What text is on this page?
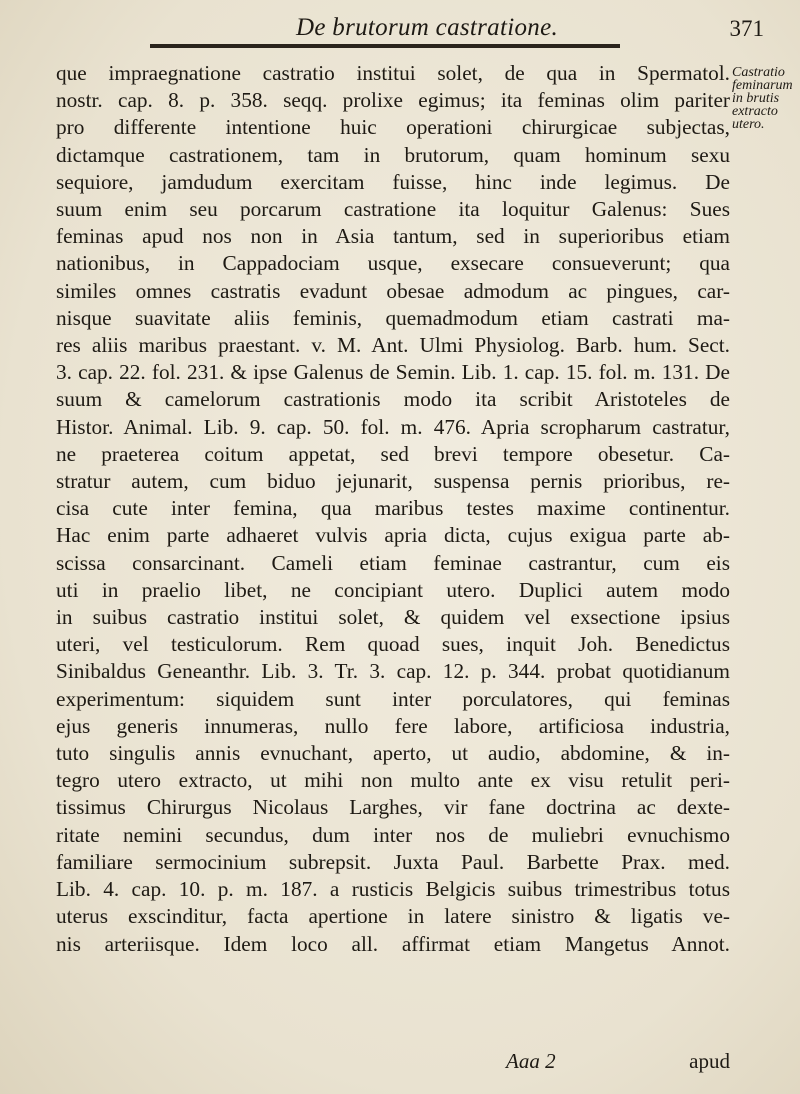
De brutorum castratione.	371
que impraegnatione castratio institui solet, de qua in Spermatol.
nostr. cap. 8. p. 358. seqq. prolixe egimus; ita feminas olim pariter
pro differente intentione huic operationi chirurgicae subjectas,
dictamque castrationem, tam in brutorum, quam hominum sexu
sequiore, jamdudum exercitam fuisse, hinc inde legimus. De
suum enim seu porcarum castratione ita loquitur Galenus: Sues
feminas apud nos non in Asia tantum, sed in superioribus etiam
nationibus, in Cappadociam usque, exsecare consueverunt; qua
similes omnes castratis evadunt obesae admodum ac pingues, car-
nisque suavitate aliis feminis, quemadmodum etiam castrati ma-
res aliis maribus praestant. v. M. Ant. Ulmi Physiolog. Barb. hum. Sect.
3. cap. 22. fol. 231. & ipse Galenus de Semin. Lib. 1. cap. 15. fol. m. 131. De
suum & camelorum castrationis modo ita scribit Aristoteles de
Histor. Animal. Lib. 9. cap. 50. fol. m. 476. Apria scropharum castratur,
ne praeterea coitum appetat, sed brevi tempore obesetur. Ca-
stratur autem, cum biduo jejunarit, suspensa pernis prioribus, re-
cisa cute inter femina, qua maribus testes maxime continentur.
Hac enim parte adhaeret vulvis apria dicta, cujus exigua parte ab-
scissa consarcinant. Cameli etiam feminae castrantur, cum eis
uti in praelio libet, ne concipiant utero. Duplici autem modo
in suibus castratio institui solet, & quidem vel exsectione ipsius
uteri, vel testiculorum. Rem quoad sues, inquit Joh. Benedictus
Sinibaldus Geneanthr. Lib. 3. Tr. 3. cap. 12. p. 344. probat quotidianum
experimentum: siquidem sunt inter porculatores, qui feminas
ejus generis innumeras, nullo fere labore, artificiosa industria,
tuto singulis annis evnuchant, aperto, ut audio, abdomine, & in-
tegro utero extracto, ut mihi non multo ante ex visu retulit peri-
tissimus Chirurgus Nicolaus Larghes, vir fane doctrina ac dexte-
ritate nemini secundus, dum inter nos de muliebri evnuchismo
familiare sermocinium subrepsit. Juxta Paul. Barbette Prax. med.
Lib. 4. cap. 10. p. m. 187. a rusticis Belgicis suibus trimestribus totus
uterus exscinditur, facta apertione in latere sinistro & ligatis ve-
nis arteriisque. Idem loco all. affirmat etiam Mangetus Annot.
Castratio
feminarum
in brutis
extracto
utero.
Aaa 2	apud
